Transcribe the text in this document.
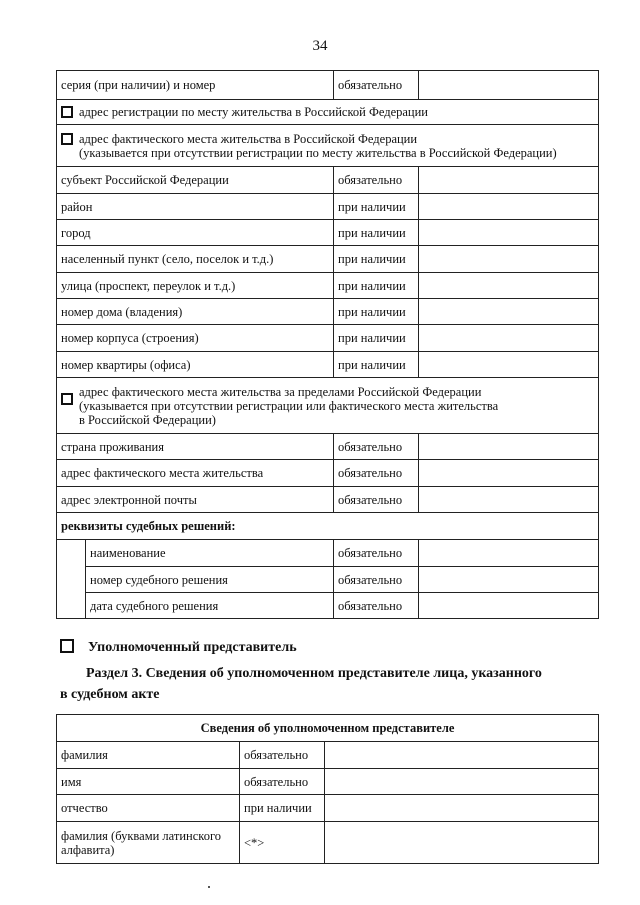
34
серия (при наличии) и номер		обязательно	
адрес регистрации по месту жительства в Российской Федерации			
адрес фактического места жительства в Российской Федерации
(указывается при отсутствии регистрации по месту жительства в Российской Федерации)			
субъект Российской Федерации		обязательно	
район		при наличии	
город		при наличии	
населенный пункт (село, поселок и т.д.)		при наличии	
улица (проспект, переулок и т.д.)		при наличии	
номер дома (владения)		при наличии	
номер корпуса (строения)		при наличии	
номер квартиры (офиса)		при наличии	
адрес фактического места жительства за пределами Российской Федерации
(указывается при отсутствии регистрации или фактического места жительства
в Российской Федерации)			
страна проживания		обязательно	
адрес фактического места жительства		обязательно	
адрес электронной почты		обязательно	
реквизиты судебных решений:			
	наименование	обязательно	
	номер судебного решения	обязательно	
	дата судебного решения	обязательно	
Уполномоченный представитель
Раздел 3. Сведения об уполномоченном представителе лица, указанного
в судебном акте
Сведения об уполномоченном представителе		
фамилия	обязательно	
имя	обязательно	
отчество	при наличии	
фамилия (буквами латинского алфавита)	<*>	
